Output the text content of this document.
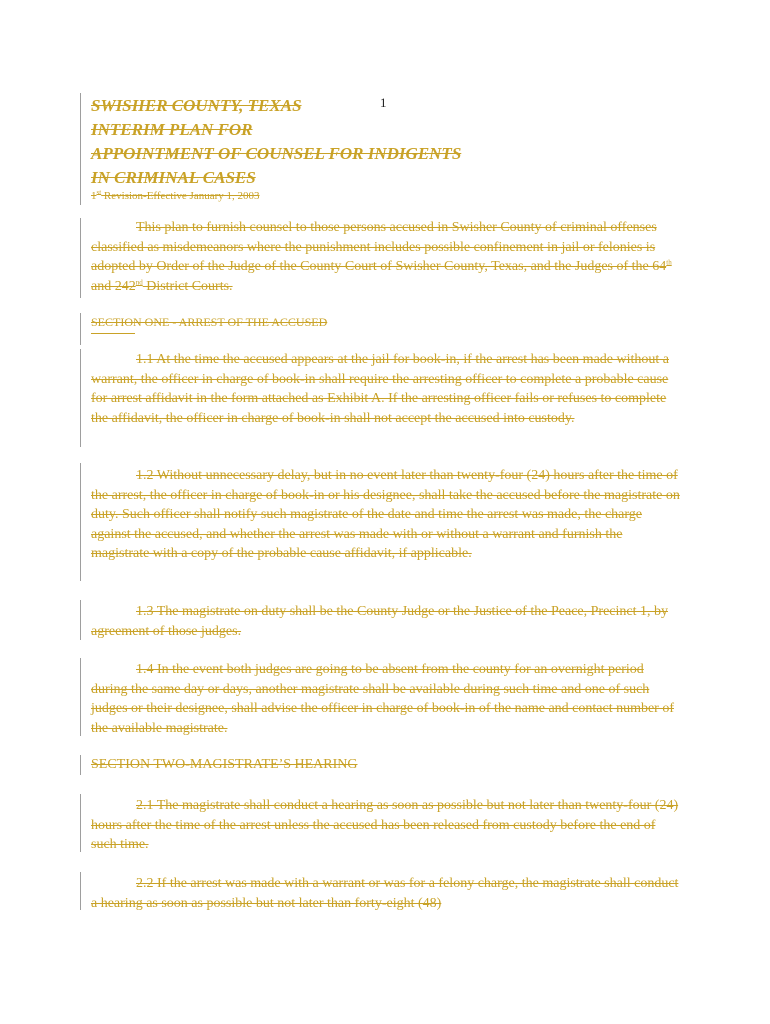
1
SWISHER COUNTY, TEXAS
INTERIM PLAN FOR
APPOINTMENT OF COUNSEL FOR INDIGENTS
IN CRIMINAL CASES
1st Revision-Effective January 1, 2003
This plan to furnish counsel to those persons accused in Swisher County of criminal offenses classified as misdemeanors where the punishment includes possible confinement in jail or felonies is adopted by Order of the Judge of the County Court of Swisher County, Texas, and the Judges of the 64th and 242nd District Courts.
SECTION ONE - ARREST OF THE ACCUSED
1.1 At the time the accused appears at the jail for book-in, if the arrest has been made without a warrant, the officer in charge of book-in shall require the arresting officer to complete a probable cause for arrest affidavit in the form attached as Exhibit A. If the arresting officer fails or refuses to complete the affidavit, the officer in charge of book-in shall not accept the accused into custody.
1.2 Without unnecessary delay, but in no event later than twenty-four (24) hours after the time of the arrest, the officer in charge of book-in or his designee, shall take the accused before the magistrate on duty. Such officer shall notify such magistrate of the date and time the arrest was made, the charge against the accused, and whether the arrest was made with or without a warrant and furnish the magistrate with a copy of the probable cause affidavit, if applicable.
1.3 The magistrate on duty shall be the County Judge or the Justice of the Peace, Precinct 1, by agreement of those judges.
1.4 In the event both judges are going to be absent from the county for an overnight period during the same day or days, another magistrate shall be available during such time and one of such judges or their designee, shall advise the officer in charge of book-in of the name and contact number of the available magistrate.
SECTION TWO-MAGISTRATE’S HEARING
2.1 The magistrate shall conduct a hearing as soon as possible but not later than twenty-four (24) hours after the time of the arrest unless the accused has been released from custody before the end of such time.
2.2 If the arrest was made with a warrant or was for a felony charge, the magistrate shall conduct a hearing as soon as possible but not later than forty-eight (48)
